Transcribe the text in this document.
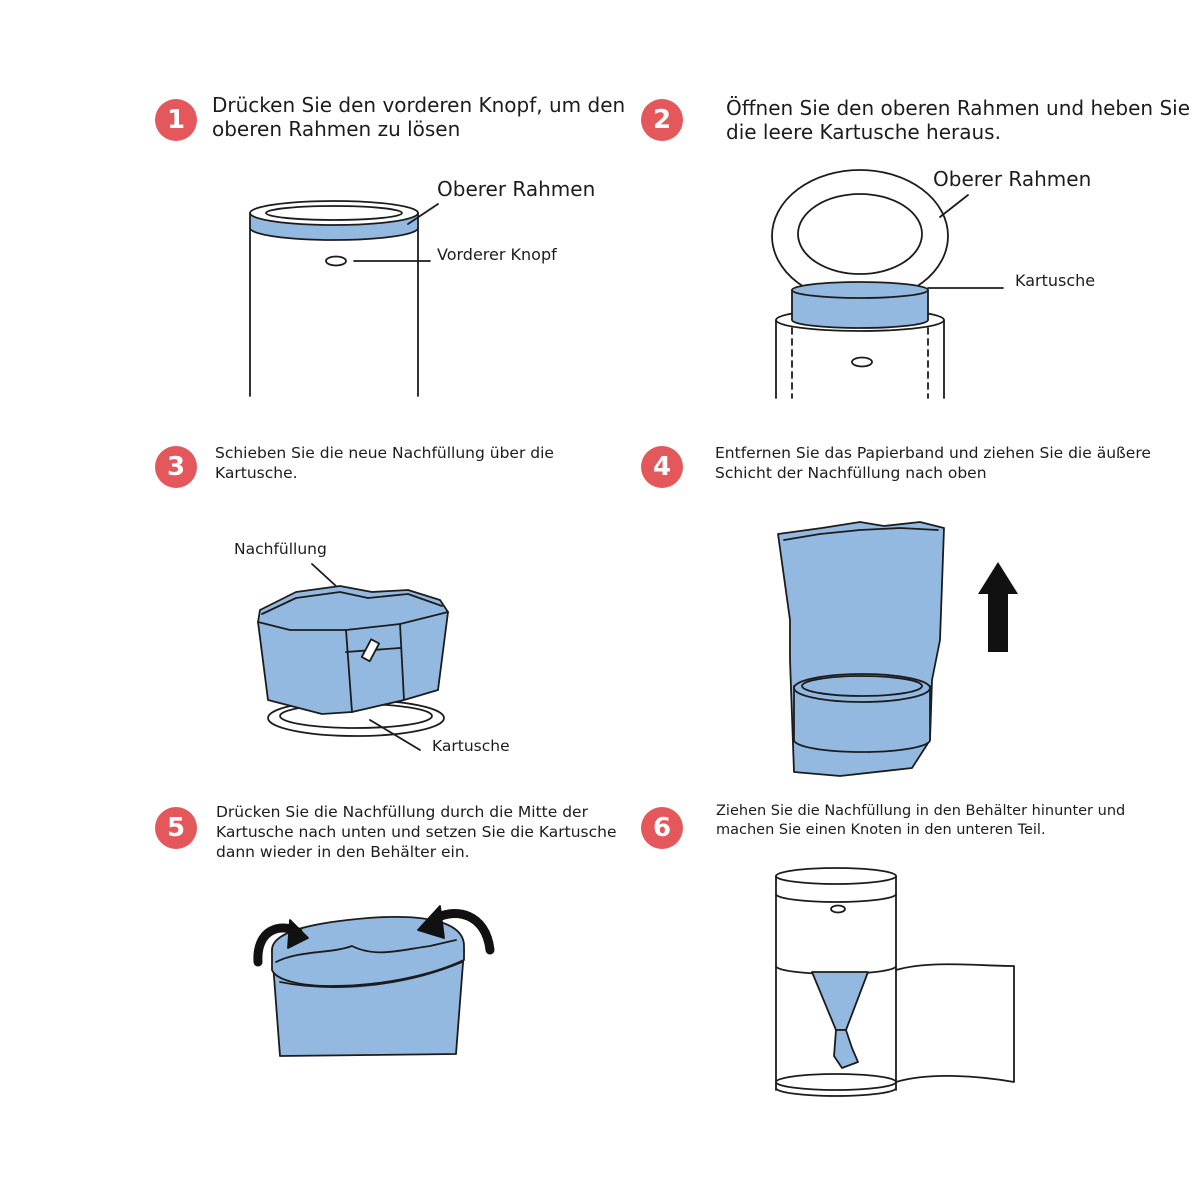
1	2
3	4
5	6
Drücken Sie den vorderen Knopf, um den oberen Rahmen zu lösen
Öffnen Sie den oberen Rahmen und heben Sie die leere Kartusche heraus.
Schieben Sie die neue Nachfüllung über die Kartusche.
Entfernen Sie das Papierband und ziehen Sie die äußere Schicht der Nachfüllung nach oben
Drücken Sie die Nachfüllung durch die Mitte der Kartusche nach unten und setzen Sie die Kartusche dann wieder in den Behälter ein.
Ziehen Sie die Nachfüllung in den Behälter hinunter und machen Sie einen Knoten in den unteren Teil.
Oberer Rahmen
Vorderer Knopf
Oberer Rahmen
Kartusche
Nachfüllung
Kartusche
